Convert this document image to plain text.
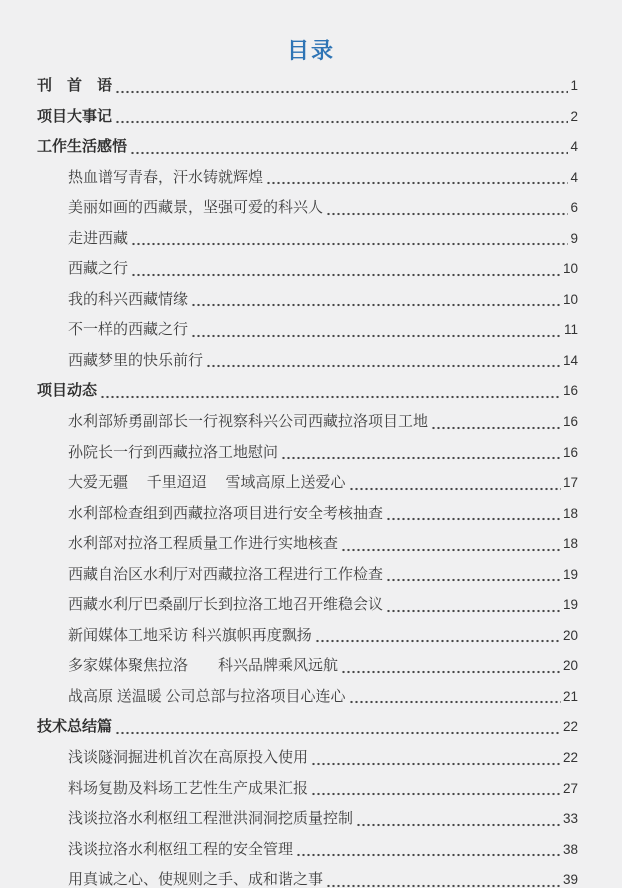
目录
刊　首　语	1
项目大事记	2
工作生活感悟	4
热血谱写青春，汗水铸就辉煌	4
美丽如画的西藏景，坚强可爱的科兴人	6
走进西藏	9
西藏之行	10
我的科兴西藏情缘	10
不一样的西藏之行	11
西藏梦里的快乐前行	14
项目动态	16
水利部矫勇副部长一行视察科兴公司西藏拉洛项目工地	16
孙院长一行到西藏拉洛工地慰问	16
大爱无疆　 千里迢迢 　雪域高原上送爱心	17
水利部检查组到西藏拉洛项目进行安全考核抽查	18
水利部对拉洛工程质量工作进行实地核查	18
西藏自治区水利厅对西藏拉洛工程进行工作检查	19
西藏水利厅巴桑副厅长到拉洛工地召开维稳会议	19
新闻媒体工地采访 科兴旗帜再度飘扬	20
多家媒体聚焦拉洛　　科兴品牌乘风远航	20
战高原 送温暖 公司总部与拉洛项目心连心	21
技术总结篇	22
浅谈隧洞掘进机首次在高原投入使用	22
料场复勘及料场工艺性生产成果汇报	27
浅谈拉洛水利枢纽工程泄洪洞洞挖质量控制	33
浅谈拉洛水利枢纽工程的安全管理	38
用真诚之心、使规则之手、成和谐之事	39
